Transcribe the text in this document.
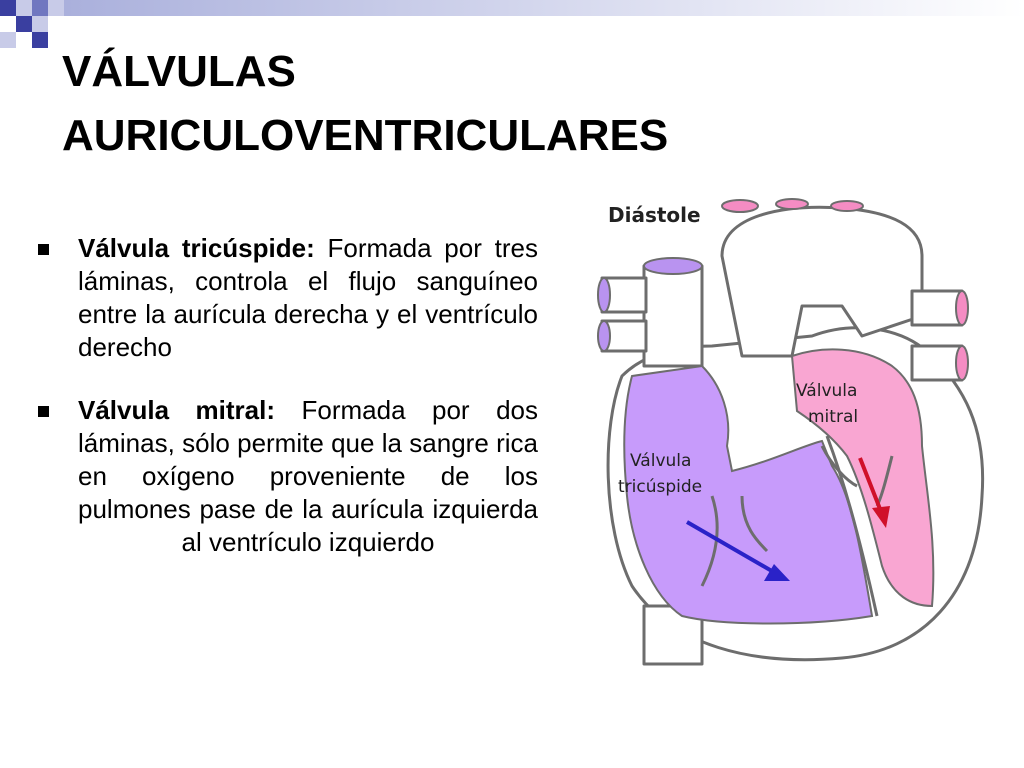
VÁLVULAS
AURICULOVENTRICULARES
Válvula tricúspide: Formada por tres láminas, controla el flujo sanguíneo entre la aurícula derecha y el ventrículo derecho
Válvula mitral: Formada por dos láminas, sólo permite que la sangre rica en oxígeno proveniente de los pulmones pase de la aurícula izquierda al ventrículo izquierdo
Diástole
Válvula
tricúspide
Válvula
mitral
